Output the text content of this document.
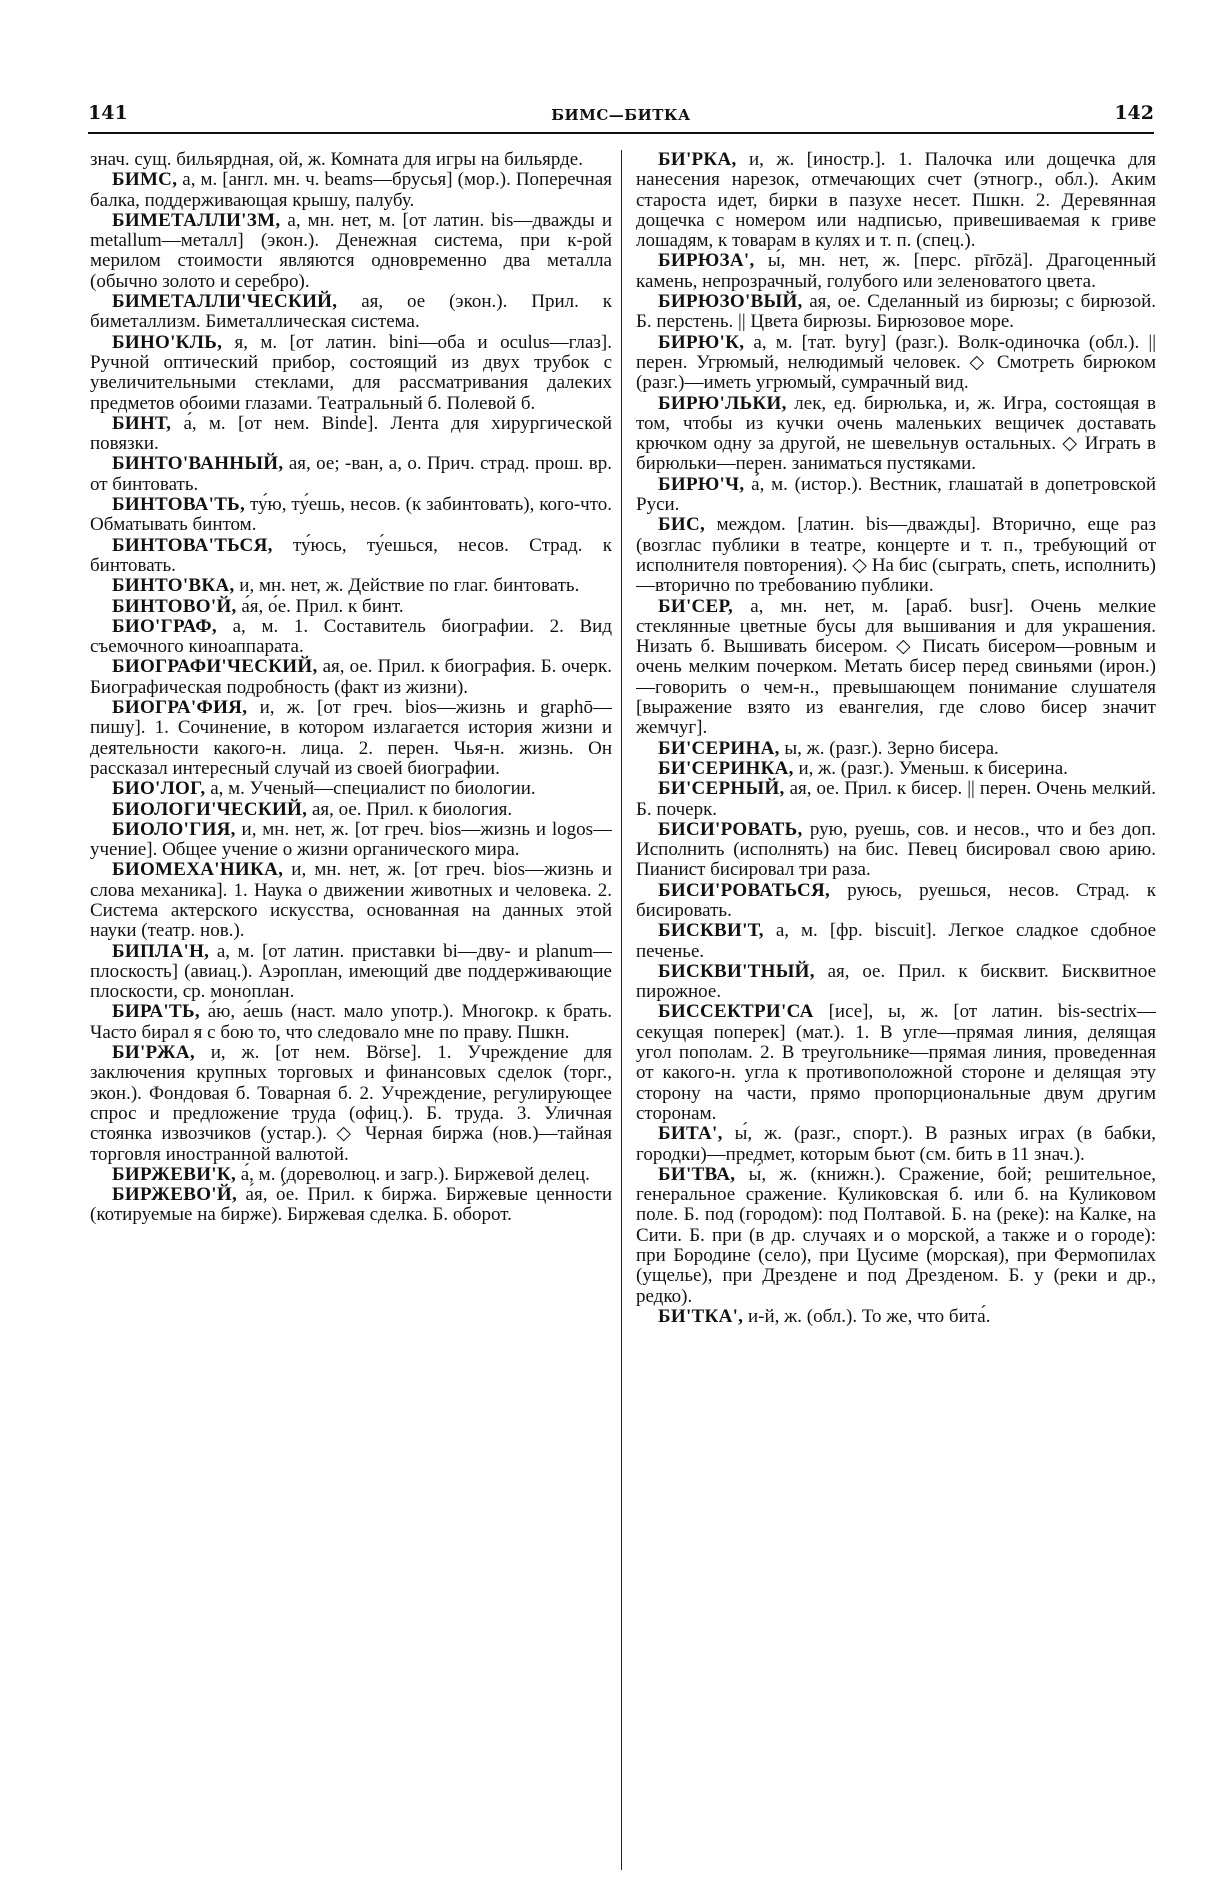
141	БИМС—БИТКА	142

знач. сущ. бильярдная, ой, ж. Комната для игры на бильярде.

БИМС, а, м. [англ. мн. ч. beams—брусья] (мор.). Поперечная балка, поддерживающая крышу, палубу.

БИМЕТАЛЛИ'ЗМ, а, мн. нет, м. [от латин. bis—дважды и metallum—металл] (экон.). Денежная система, при к-рой мерилом стоимости являются одновременно два металла (обычно золото и серебро).

БИМЕТАЛЛИ'ЧЕСКИЙ, ая, ое (экон.). Прил. к биметаллизм. Биметаллическая система.

БИНО'КЛЬ, я, м. [от латин. bini—оба и oculus—глаз]. Ручной оптический прибор, состоящий из двух трубок с увеличительными стеклами, для рассматривания далеких предметов обоими глазами. Театральный б. Полевой б.

БИНТ, а́, м. [от нем. Binde]. Лента для хирургической повязки.

БИНТО'ВАННЫЙ, ая, ое; -ван, а, о. Прич. страд. прош. вр. от бинтовать.

БИНТОВА'ТЬ, ту́ю, ту́ешь, несов. (к забинтовать), кого-что. Обматывать бинтом.

БИНТОВА'ТЬСЯ, ту́юсь, ту́ешься, несов. Страд. к бинтовать.

БИНТО'ВКА, и, мн. нет, ж. Действие по глаг. бинтовать.

БИНТОВО'Й, а́я, о́е. Прил. к бинт.

БИО'ГРАФ, а, м. 1. Составитель биографии. 2. Вид съемочного киноаппарата.

БИОГРАФИ'ЧЕСКИЙ, ая, ое. Прил. к биография. Б. очерк. Биографическая подробность (факт из жизни).

БИОГРА'ФИЯ, и, ж. [от греч. bios—жизнь и graphō—пишу]. 1. Сочинение, в котором излагается история жизни и деятельности какого-н. лица. 2. перен. Чья-н. жизнь. Он рассказал интересный случай из своей биографии.

БИО'ЛОГ, а, м. Ученый—специалист по биологии.

БИОЛОГИ'ЧЕСКИЙ, ая, ое. Прил. к биология.

БИОЛО'ГИЯ, и, мн. нет, ж. [от греч. bios—жизнь и logos—учение]. Общее учение о жизни органического мира.

БИОМЕХА'НИКА, и, мн. нет, ж. [от греч. bios—жизнь и слова механика]. 1. Наука о движении животных и человека. 2. Система актерского искусства, основанная на данных этой науки (театр. нов.).

БИПЛА'Н, а, м. [от латин. приставки bi—дву- и planum—плоскость] (авиац.). Аэроплан, имеющий две поддерживающие плоскости, ср. моноплан.

БИРА'ТЬ, а́ю, а́ешь (наст. мало употр.). Многокр. к брать. Часто бирал я с бою то, что следовало мне по праву. Пшкн.

БИ'РЖА, и, ж. [от нем. Börse]. 1. Учреждение для заключения крупных торговых и финансовых сделок (торг., экон.). Фондовая б. Товарная б. 2. Учреждение, регулирующее спрос и предложение труда (офиц.). Б. труда. 3. Уличная стоянка извозчиков (устар.). ◇ Черная биржа (нов.)—тайная торговля иностранной валютой.

БИРЖЕВИ'К, а́, м. (дореволюц. и загр.). Биржевой делец.

БИРЖЕВО'Й, а́я, о́е. Прил. к биржа. Биржевые ценности (котируемые на бирже). Биржевая сделка. Б. оборот.

БИ'РКА, и, ж. [иностр.]. 1. Палочка или дощечка для нанесения нарезок, отмечающих счет (этногр., обл.). Аким староста идет, бирки в пазухе несет. Пшкн. 2. Деревянная дощечка с номером или надписью, привешиваемая к гриве лошадям, к товарам в кулях и т. п. (спец.).

БИРЮЗА', ы́, мн. нет, ж. [перс. pīrōzä]. Драгоценный камень, непрозрачный, голубого или зеленоватого цвета.

БИРЮЗО'ВЫЙ, ая, ое. Сделанный из бирюзы; с бирюзой. Б. перстень. || Цвета бирюзы. Бирюзовое море.

БИРЮ'К, а, м. [тат. byry] (разг.). Волк-одиночка (обл.). || перен. Угрюмый, нелюдимый человек. ◇ Смотреть бирюком (разг.)—иметь угрюмый, сумрачный вид.

БИРЮ'ЛЬКИ, лек, ед. бирюлька, и, ж. Игра, состоящая в том, чтобы из кучки очень маленьких вещичек доставать крючком одну за другой, не шевельнув остальных. ◇ Играть в бирюльки—перен. заниматься пустяками.

БИРЮ'Ч, а́, м. (истор.). Вестник, глашатай в допетровской Руси.

БИС, междом. [латин. bis—дважды]. Вторично, еще раз (возглас публики в театре, концерте и т. п., требующий от исполнителя повторения). ◇ На бис (сыграть, спеть, исполнить)—вторично по требованию публики.

БИ'СЕР, а, мн. нет, м. [араб. busr]. Очень мелкие стеклянные цветные бусы для вышивания и для украшения. Низать б. Вышивать бисером. ◇ Писать бисером—ровным и очень мелким почерком. Метать бисер перед свиньями (ирон.)—говорить о чем-н., превышающем понимание слушателя [выражение взято из евангелия, где слово бисер значит жемчуг].

БИ'СЕРИНА, ы, ж. (разг.). Зерно бисера.

БИ'СЕРИНКА, и, ж. (разг.). Уменьш. к бисерина.

БИ'СЕРНЫЙ, ая, ое. Прил. к бисер. || перен. Очень мелкий. Б. почерк.

БИСИ'РОВАТЬ, рую, руешь, сов. и несов., что и без доп. Исполнить (исполнять) на бис. Певец бисировал свою арию. Пианист бисировал три раза.

БИСИ'РОВАТЬСЯ, руюсь, руешься, несов. Страд. к бисировать.

БИСКВИ'Т, а, м. [фр. biscuit]. Легкое сладкое сдобное печенье.

БИСКВИ'ТНЫЙ, ая, ое. Прил. к бисквит. Бисквитное пирожное.

БИССЕКТРИ'СА [исе], ы, ж. [от латин. bis-sectrix—секущая поперек] (мат.). 1. В угле—прямая линия, делящая угол пополам. 2. В треугольнике—прямая линия, проведенная от какого-н. угла к противоположной стороне и делящая эту сторону на части, прямо пропорциональные двум другим сторонам.

БИТА', ы́, ж. (разг., спорт.). В разных играх (в бабки, городки)—предмет, которым бьют (см. бить в 11 знач.).

БИ'ТВА, ы́, ж. (книжн.). Сражение, бой; решительное, генеральное сражение. Куликовская б. или б. на Куликовом поле. Б. под (городом): под Полтавой. Б. на (реке): на Калке, на Сити. Б. при (в др. случаях и о морской, а также и о городе): при Бородине (село), при Цусиме (морская), при Фермопилах (ущелье), при Дрездене и под Дрезденом. Б. у (реки и др., редко).

БИ'ТКА', и-й, ж. (обл.). То же, что бита́.
